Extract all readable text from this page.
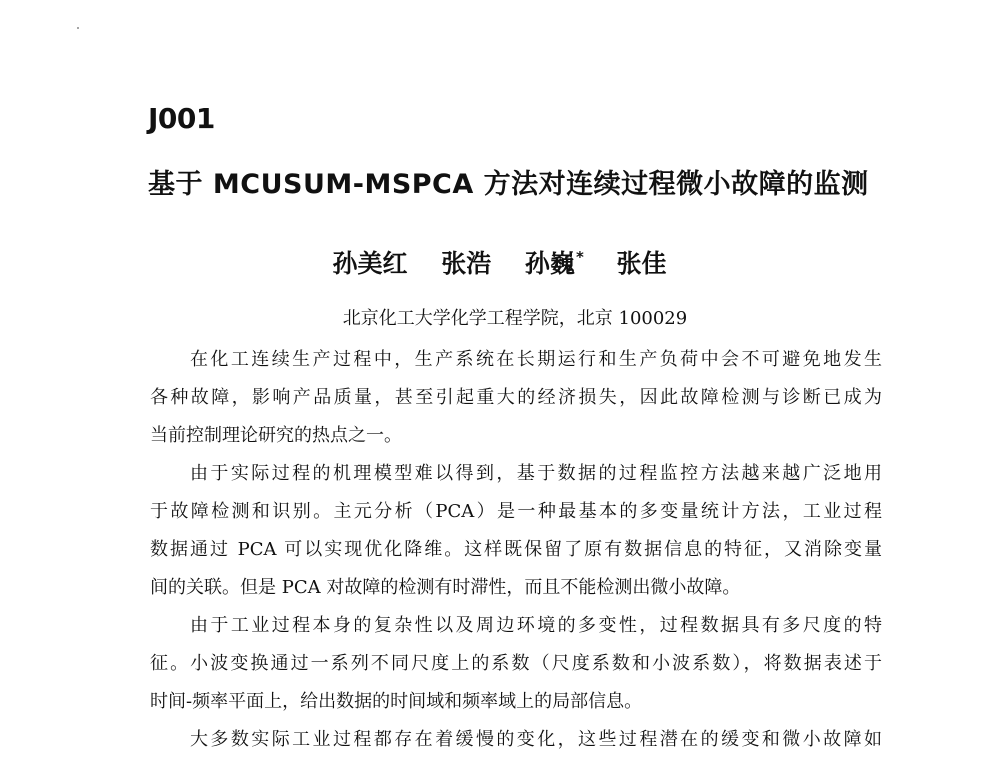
J001
基于 MCUSUM-MSPCA 方法对连续过程微小故障的监测
孙美红 张浩 孙巍* 张佳
北京化工大学化学工程学院，北京 100029

在化工连续生产过程中，生产系统在长期运行和生产负荷中会不可避免地发生
各种故障，影响产品质量，甚至引起重大的经济损失，因此故障检测与诊断已成为
当前控制理论研究的热点之一。

由于实际过程的机理模型难以得到，基于数据的过程监控方法越来越广泛地用
于故障检测和识别。主元分析（PCA）是一种最基本的多变量统计方法，工业过程
数据通过 PCA 可以实现优化降维。这样既保留了原有数据信息的特征，又消除变量
间的关联。但是 PCA 对故障的检测有时滞性，而且不能检测出微小故障。

由于工业过程本身的复杂性以及周边环境的多变性，过程数据具有多尺度的特
征。小波变换通过一系列不同尺度上的系数（尺度系数和小波系数），将数据表述于
时间-频率平面上，给出数据的时间域和频率域上的局部信息。

大多数实际工业过程都存在着缓慢的变化，这些过程潜在的缓变和微小故障如
